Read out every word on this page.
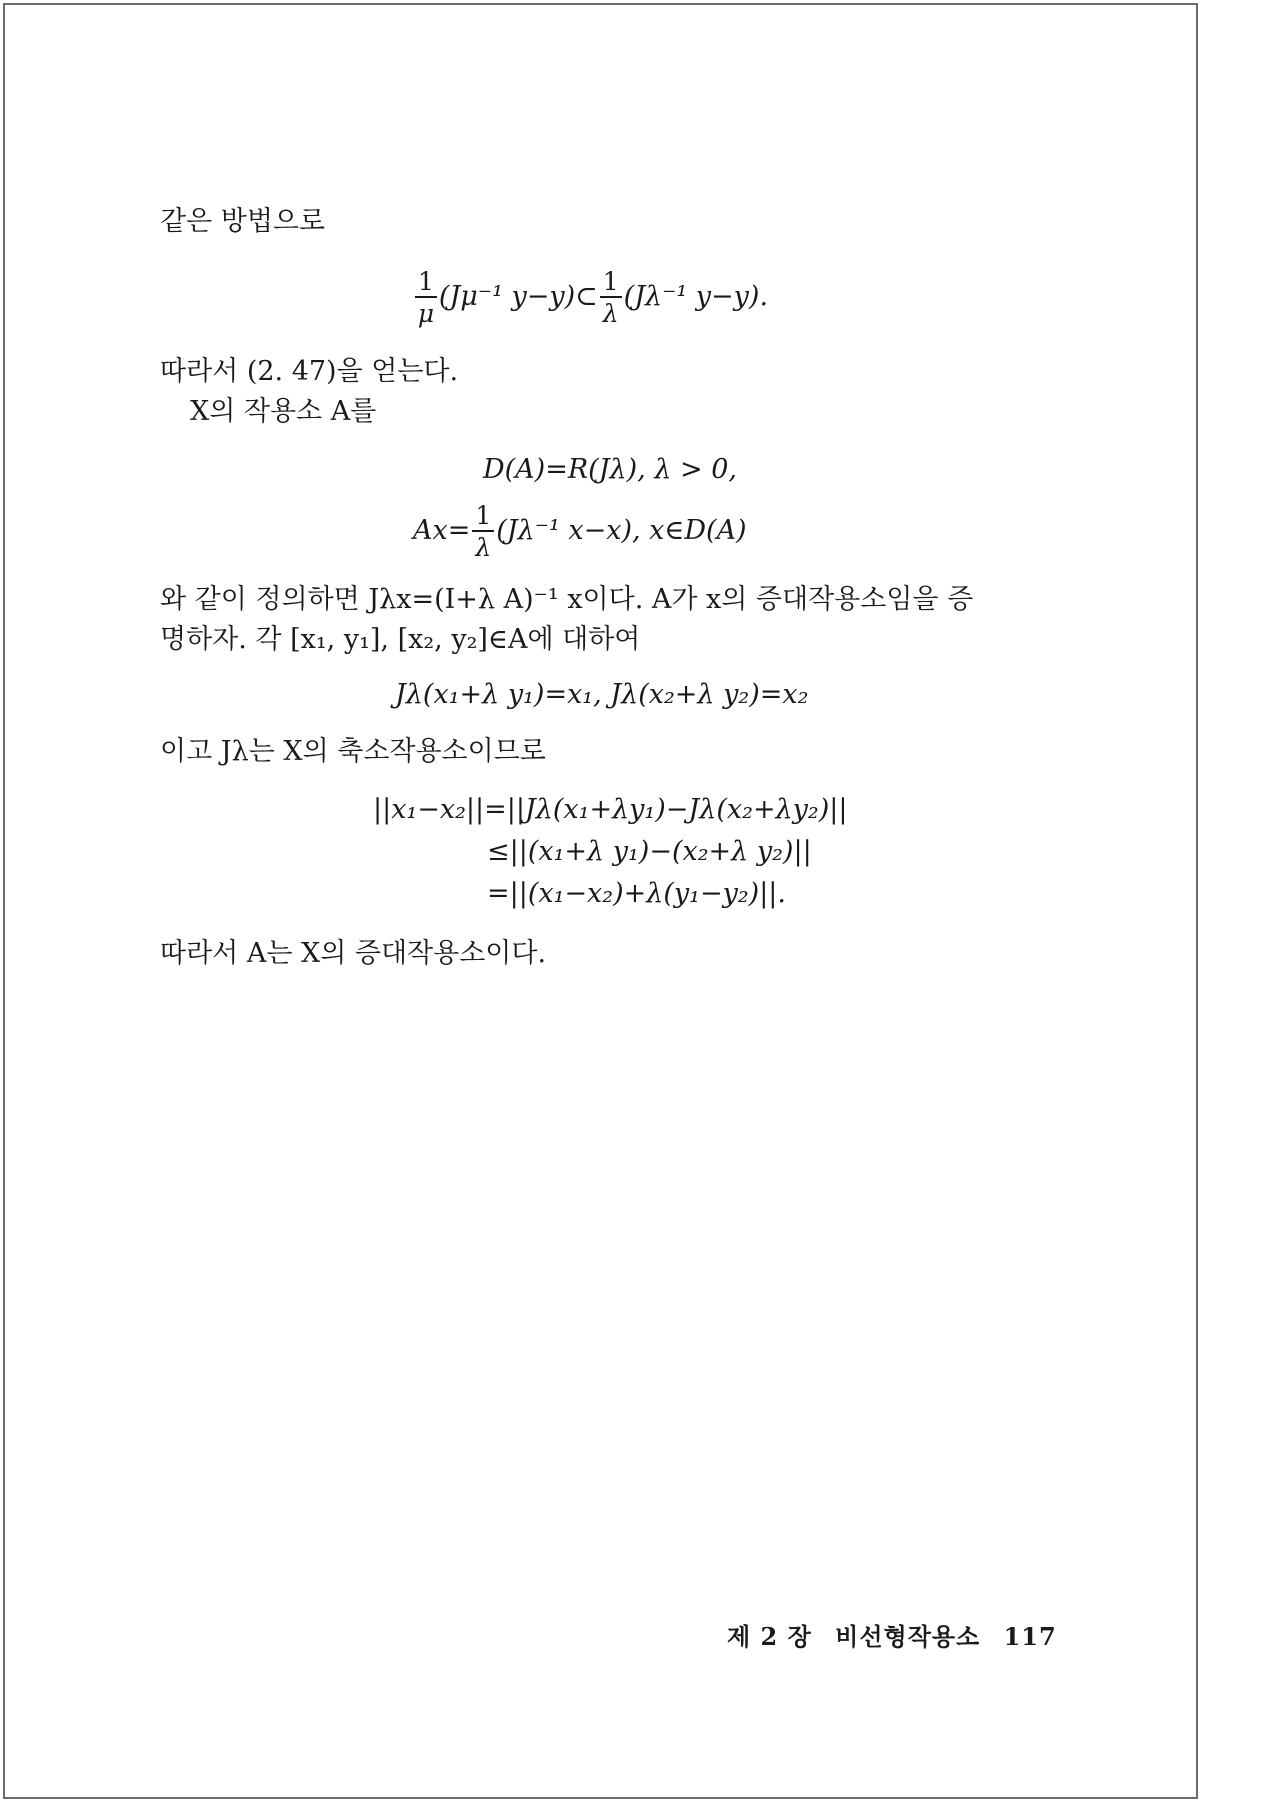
같은 방법으로
$\frac{1}{\mu} (J\mu^{-1}$ y−y)⊂ $\frac{1}{\lambda} (J\lambda^{-1}$ y−y).
따라서 (2. 47)을 얻는다.
X의 작용소 A를
D(A)=R(Jλ), λ > 0,
$Ax= \frac{1}{\lambda} (J\lambda^{-1}$ x−x), x∈D(A)
와 같이 정의하면 Jλx=(I+λ A)⁻¹ x이다. A가 x의 증대작용소임을 증
명하자. 각 [x₁, y₁], [x₂, y₂]∈A에 대하여
Jλ(x₁+λ y₁)=x₁, Jλ(x₂+λ y₂)=x₂
이고 Jλ는 X의 축소작용소이므로
||x₁−x₂||=||Jλ(x₁+λy₁)−Jλ(x₂+λy₂)||
≤||(x₁+λ y₁)−(x₂+λ y₂)||
=||(x₁−x₂)+λ(y₁−y₂)||.
따라서 A는 X의 증대작용소이다.
제 2 장 비선형작용소 117
